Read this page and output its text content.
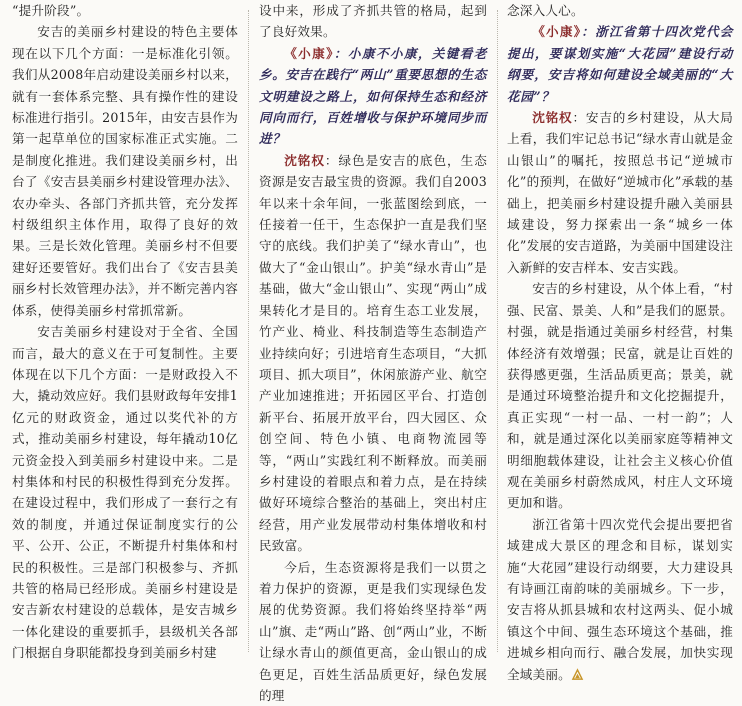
“提升阶段”。

安吉的美丽乡村建设的特色主要体现在以下几个方面：一是标准化引领。我们从2008年启动建设美丽乡村以来，就有一套体系完整、具有操作性的建设标准进行指引。2015年，由安吉县作为第一起草单位的国家标准正式实施。二是制度化推进。我们建设美丽乡村，出台了《安吉县美丽乡村建设管理办法》、农办牵头、各部门齐抓共管，充分发挥村级组织主体作用，取得了良好的效果。三是长效化管理。美丽乡村不但要建好还要管好。我们出台了《安吉县美丽乡村长效管理办法》，并不断完善内容体系，使得美丽乡村常抓常新。

安吉美丽乡村建设对于全省、全国而言，最大的意义在于可复制性。主要体现在以下几个方面：一是财政投入不大，撬动效应好。我们县财政每年安排1亿元的财政资金，通过以奖代补的方式，推动美丽乡村建设，每年撬动10亿元资金投入到美丽乡村建设中来。二是村集体和村民的积极性得到充分发挥。在建设过程中，我们形成了一套行之有效的制度，并通过保证制度实行的公平、公开、公正，不断提升村集体和村民的积极性。三是部门积极参与、齐抓共管的格局已经形成。美丽乡村建设是安吉新农村建设的总载体，是安吉城乡一体化建设的重要抓手，县级机关各部门根据自身职能都投身到美丽乡村建

设中来，形成了齐抓共管的格局，起到了良好效果。

《小康》：小康不小康，关键看老乡。安吉在践行“两山”重要思想的生态文明建设之路上，如何保持生态和经济同向而行，百姓增收与保护环境同步而进？

沈铭权：绿色是安吉的底色，生态资源是安吉最宝贵的资源。我们自2003年以来十余年间，一张蓝图绘到底，一任接着一任干，生态保护一直是我们坚守的底线。我们护美了“绿水青山”，也做大了“金山银山”。护美“绿水青山”是基础，做大“金山银山”、实现“两山”成果转化才是目的。培育生态工业发展，竹产业、椅业、科技制造等生态制造产业持续向好；引进培育生态项目，“大抓项目、抓大项目”，休闲旅游产业、航空产业加速推进；开拓园区平台、打造创新平台、拓展开放平台，四大园区、众创空间、特色小镇、电商物流园等等，“两山”实践红利不断释放。而美丽乡村建设的着眼点和着力点，是在持续做好环境综合整治的基础上，突出村庄经营，用产业发展带动村集体增收和村民致富。

今后，生态资源将是我们一以贯之着力保护的资源，更是我们实现绿色发展的优势资源。我们将始终坚持举“两山”旗、走“两山”路、创“两山”业，不断让绿水青山的颜值更高，金山银山的成色更足，百姓生活品质更好，绿色发展的理

念深入人心。

《小康》：浙江省第十四次党代会提出，要谋划实施“大花园”建设行动纲要，安吉将如何建设全域美丽的“大花园”？

沈铭权：安吉的乡村建设，从大局上看，我们牢记总书记“绿水青山就是金山银山”的嘱托，按照总书记“逆城市化”的预判，在做好“逆城市化”承载的基础上，把美丽乡村建设提升融入美丽县域建设，努力探索出一条“城乡一体化”发展的安吉道路，为美丽中国建设注入新鲜的安吉样本、安吉实践。

安吉的乡村建设，从个体上看，“村强、民富、景美、人和”是我们的愿景。村强，就是指通过美丽乡村经营，村集体经济有效增强；民富，就是让百姓的获得感更强，生活品质更高；景美，就是通过环境整治提升和文化挖掘提升，真正实现“一村一品、一村一韵”；人和，就是通过深化以美丽家庭等精神文明细胞载体建设，让社会主义核心价值观在美丽乡村蔚然成风，村庄人文环境更加和谐。

浙江省第十四次党代会提出要把省域建成大景区的理念和目标，谋划实施“大花园”建设行动纲要，大力建设具有诗画江南韵味的美丽城乡。下一步，安吉将从抓县城和农村这两头、促小城镇这个中间、强生态环境这个基础，推进城乡相向而行、融合发展，加快实现全域美丽。
